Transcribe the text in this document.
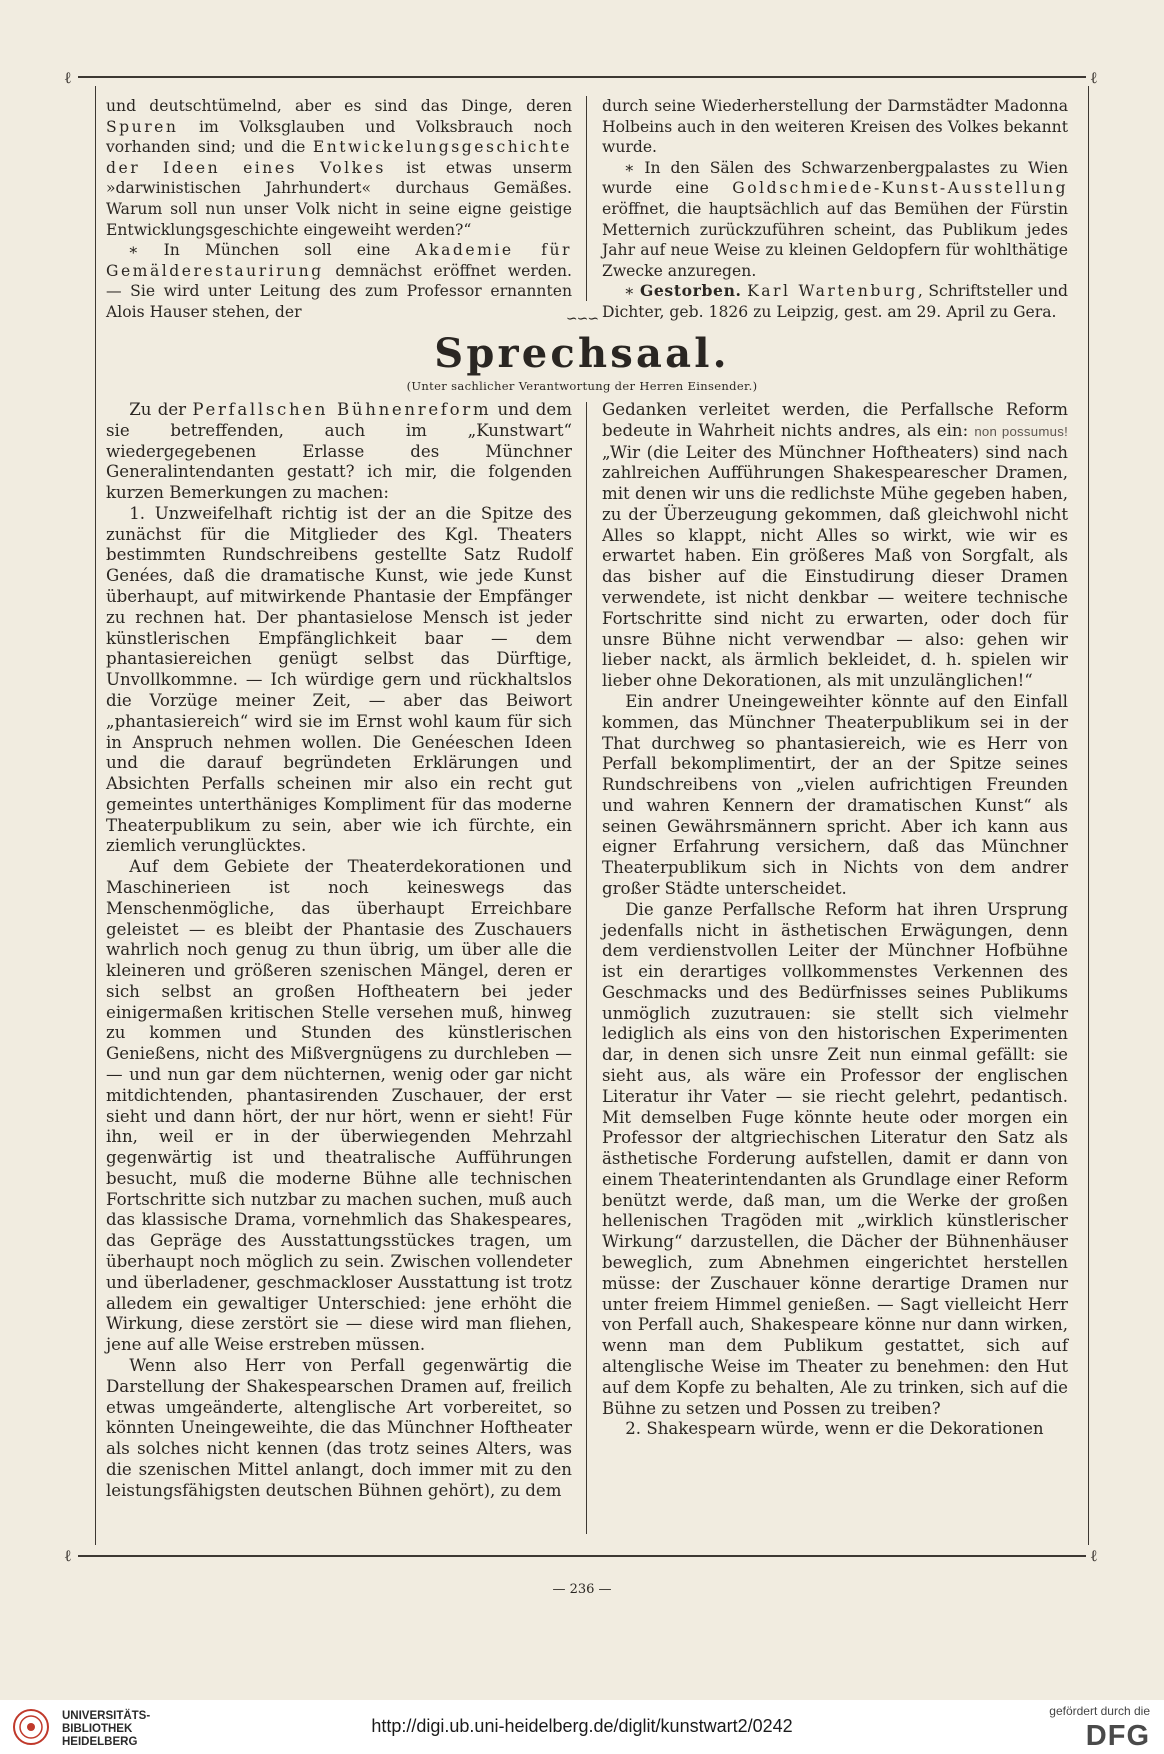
ℓ	ℓ
ℓ	ℓ

und deutschtümelnd, aber es sind das Dinge, deren Spuren im Volksglauben und Volksbrauch noch vorhanden sind; und die Entwickelungsgeschichte der Ideen eines Volkes ist etwas unserm »darwinistischen Jahrhundert« durchaus Gemäßes. Warum soll nun unser Volk nicht in seine eigne geistige Entwicklungsgeschichte eingeweiht werden?“

∗ In München soll eine Akademie für Gemälderestaurirung demnächst eröffnet werden. — Sie wird unter Leitung des zum Professor ernannten Alois Hauser stehen, der

durch seine Wiederherstellung der Darmstädter Madonna Holbeins auch in den weiteren Kreisen des Volkes bekannt wurde.

∗ In den Sälen des Schwarzenbergpalastes zu Wien wurde eine Goldschmiede-Kunst-Ausstellung eröffnet, die hauptsächlich auf das Bemühen der Fürstin Metternich zurückzuführen scheint, das Publikum jedes Jahr auf neue Weise zu kleinen Geldopfern für wohlthätige Zwecke anzuregen.

∗ Gestorben. Karl Wartenburg, Schriftsteller und Dichter, geb. 1826 zu Leipzig, gest. am 29. April zu Gera.

∽∽∽
Sprechsaal.
(Unter sachlicher Verantwortung der Herren Einsender.)

Zu der Perfallschen Bühnenreform und dem sie betreffenden, auch im „Kunstwart“ wiedergegebenen Erlasse des Münchner Generalintendanten gestatt? ich mir, die folgenden kurzen Bemerkungen zu machen:

1. Unzweifelhaft richtig ist der an die Spitze des zunächst für die Mitglieder des Kgl. Theaters bestimmten Rundschreibens gestellte Satz Rudolf Genées, daß die dramatische Kunst, wie jede Kunst überhaupt, auf mitwirkende Phantasie der Empfänger zu rechnen hat. Der phantasielose Mensch ist jeder künstlerischen Empfänglichkeit baar — dem phantasiereichen genügt selbst das Dürftige, Unvollkommne. — Ich würdige gern und rückhaltslos die Vorzüge meiner Zeit, — aber das Beiwort „phantasiereich“ wird sie im Ernst wohl kaum für sich in Anspruch nehmen wollen. Die Genéeschen Ideen und die darauf begründeten Erklärungen und Absichten Perfalls scheinen mir also ein recht gut gemeintes unterthäniges Kompliment für das moderne Theaterpublikum zu sein, aber wie ich fürchte, ein ziemlich verunglücktes.

Auf dem Gebiete der Theaterdekorationen und Maschinerieen ist noch keineswegs das Menschenmögliche, das überhaupt Erreichbare geleistet — es bleibt der Phantasie des Zuschauers wahrlich noch genug zu thun übrig, um über alle die kleineren und größeren szenischen Mängel, deren er sich selbst an großen Hoftheatern bei jeder einigermaßen kritischen Stelle versehen muß, hinweg zu kommen und Stunden des künstlerischen Genießens, nicht des Mißvergnügens zu durchleben — — und nun gar dem nüchternen, wenig oder gar nicht mitdichtenden, phantasirenden Zuschauer, der erst sieht und dann hört, der nur hört, wenn er sieht! Für ihn, weil er in der überwiegenden Mehrzahl gegenwärtig ist und theatralische Aufführungen besucht, muß die moderne Bühne alle technischen Fortschritte sich nutzbar zu machen suchen, muß auch das klassische Drama, vornehmlich das Shakespeares, das Gepräge des Ausstattungsstückes tragen, um überhaupt noch möglich zu sein. Zwischen vollendeter und überladener, geschmackloser Ausstattung ist trotz alledem ein gewaltiger Unterschied: jene erhöht die Wirkung, diese zerstört sie — diese wird man fliehen, jene auf alle Weise erstreben müssen.

Wenn also Herr von Perfall gegenwärtig die Darstellung der Shakespearschen Dramen auf, freilich etwas umgeänderte, altenglische Art vorbereitet, so könnten Uneingeweihte, die das Münchner Hoftheater als solches nicht kennen (das trotz seines Alters, was die szenischen Mittel anlangt, doch immer mit zu den leistungsfähigsten deutschen Bühnen gehört), zu dem

Gedanken verleitet werden, die Perfallsche Reform bedeute in Wahrheit nichts andres, als ein: non possumus! „Wir (die Leiter des Münchner Hoftheaters) sind nach zahlreichen Aufführungen Shakespearescher Dramen, mit denen wir uns die redlichste Mühe gegeben haben, zu der Überzeugung gekommen, daß gleichwohl nicht Alles so klappt, nicht Alles so wirkt, wie wir es erwartet haben. Ein größeres Maß von Sorgfalt, als das bisher auf die Einstudirung dieser Dramen verwendete, ist nicht denkbar — weitere technische Fortschritte sind nicht zu erwarten, oder doch für unsre Bühne nicht verwendbar — also: gehen wir lieber nackt, als ärmlich bekleidet, d. h. spielen wir lieber ohne Dekorationen, als mit unzulänglichen!“

Ein andrer Uneingeweihter könnte auf den Einfall kommen, das Münchner Theaterpublikum sei in der That durchweg so phantasiereich, wie es Herr von Perfall bekomplimentirt, der an der Spitze seines Rundschreibens von „vielen aufrichtigen Freunden und wahren Kennern der dramatischen Kunst“ als seinen Gewährsmännern spricht. Aber ich kann aus eigner Erfahrung versichern, daß das Münchner Theaterpublikum sich in Nichts von dem andrer großer Städte unterscheidet.

Die ganze Perfallsche Reform hat ihren Ursprung jedenfalls nicht in ästhetischen Erwägungen, denn dem verdienstvollen Leiter der Münchner Hofbühne ist ein derartiges vollkommenstes Verkennen des Geschmacks und des Bedürfnisses seines Publikums unmöglich zuzutrauen: sie stellt sich vielmehr lediglich als eins von den historischen Experimenten dar, in denen sich unsre Zeit nun einmal gefällt: sie sieht aus, als wäre ein Professor der englischen Literatur ihr Vater — sie riecht gelehrt, pedantisch. Mit demselben Fuge könnte heute oder morgen ein Professor der altgriechischen Literatur den Satz als ästhetische Forderung aufstellen, damit er dann von einem Theaterintendanten als Grundlage einer Reform benützt werde, daß man, um die Werke der großen hellenischen Tragöden mit „wirklich künstlerischer Wirkung“ darzustellen, die Dächer der Bühnenhäuser beweglich, zum Abnehmen eingerichtet herstellen müsse: der Zuschauer könne derartige Dramen nur unter freiem Himmel genießen. — Sagt vielleicht Herr von Perfall auch, Shakespeare könne nur dann wirken, wenn man dem Publikum gestattet, sich auf altenglische Weise im Theater zu benehmen: den Hut auf dem Kopfe zu behalten, Ale zu trinken, sich auf die Bühne zu setzen und Possen zu treiben?

2. Shakespearn würde, wenn er die Dekorationen

— 236 —
UNIVERSITÄTS-
BIBLIOTHEK
HEIDELBERG
http://digi.ub.uni-heidelberg.de/diglit/kunstwart2/0242
gefördert durch die
DFG
